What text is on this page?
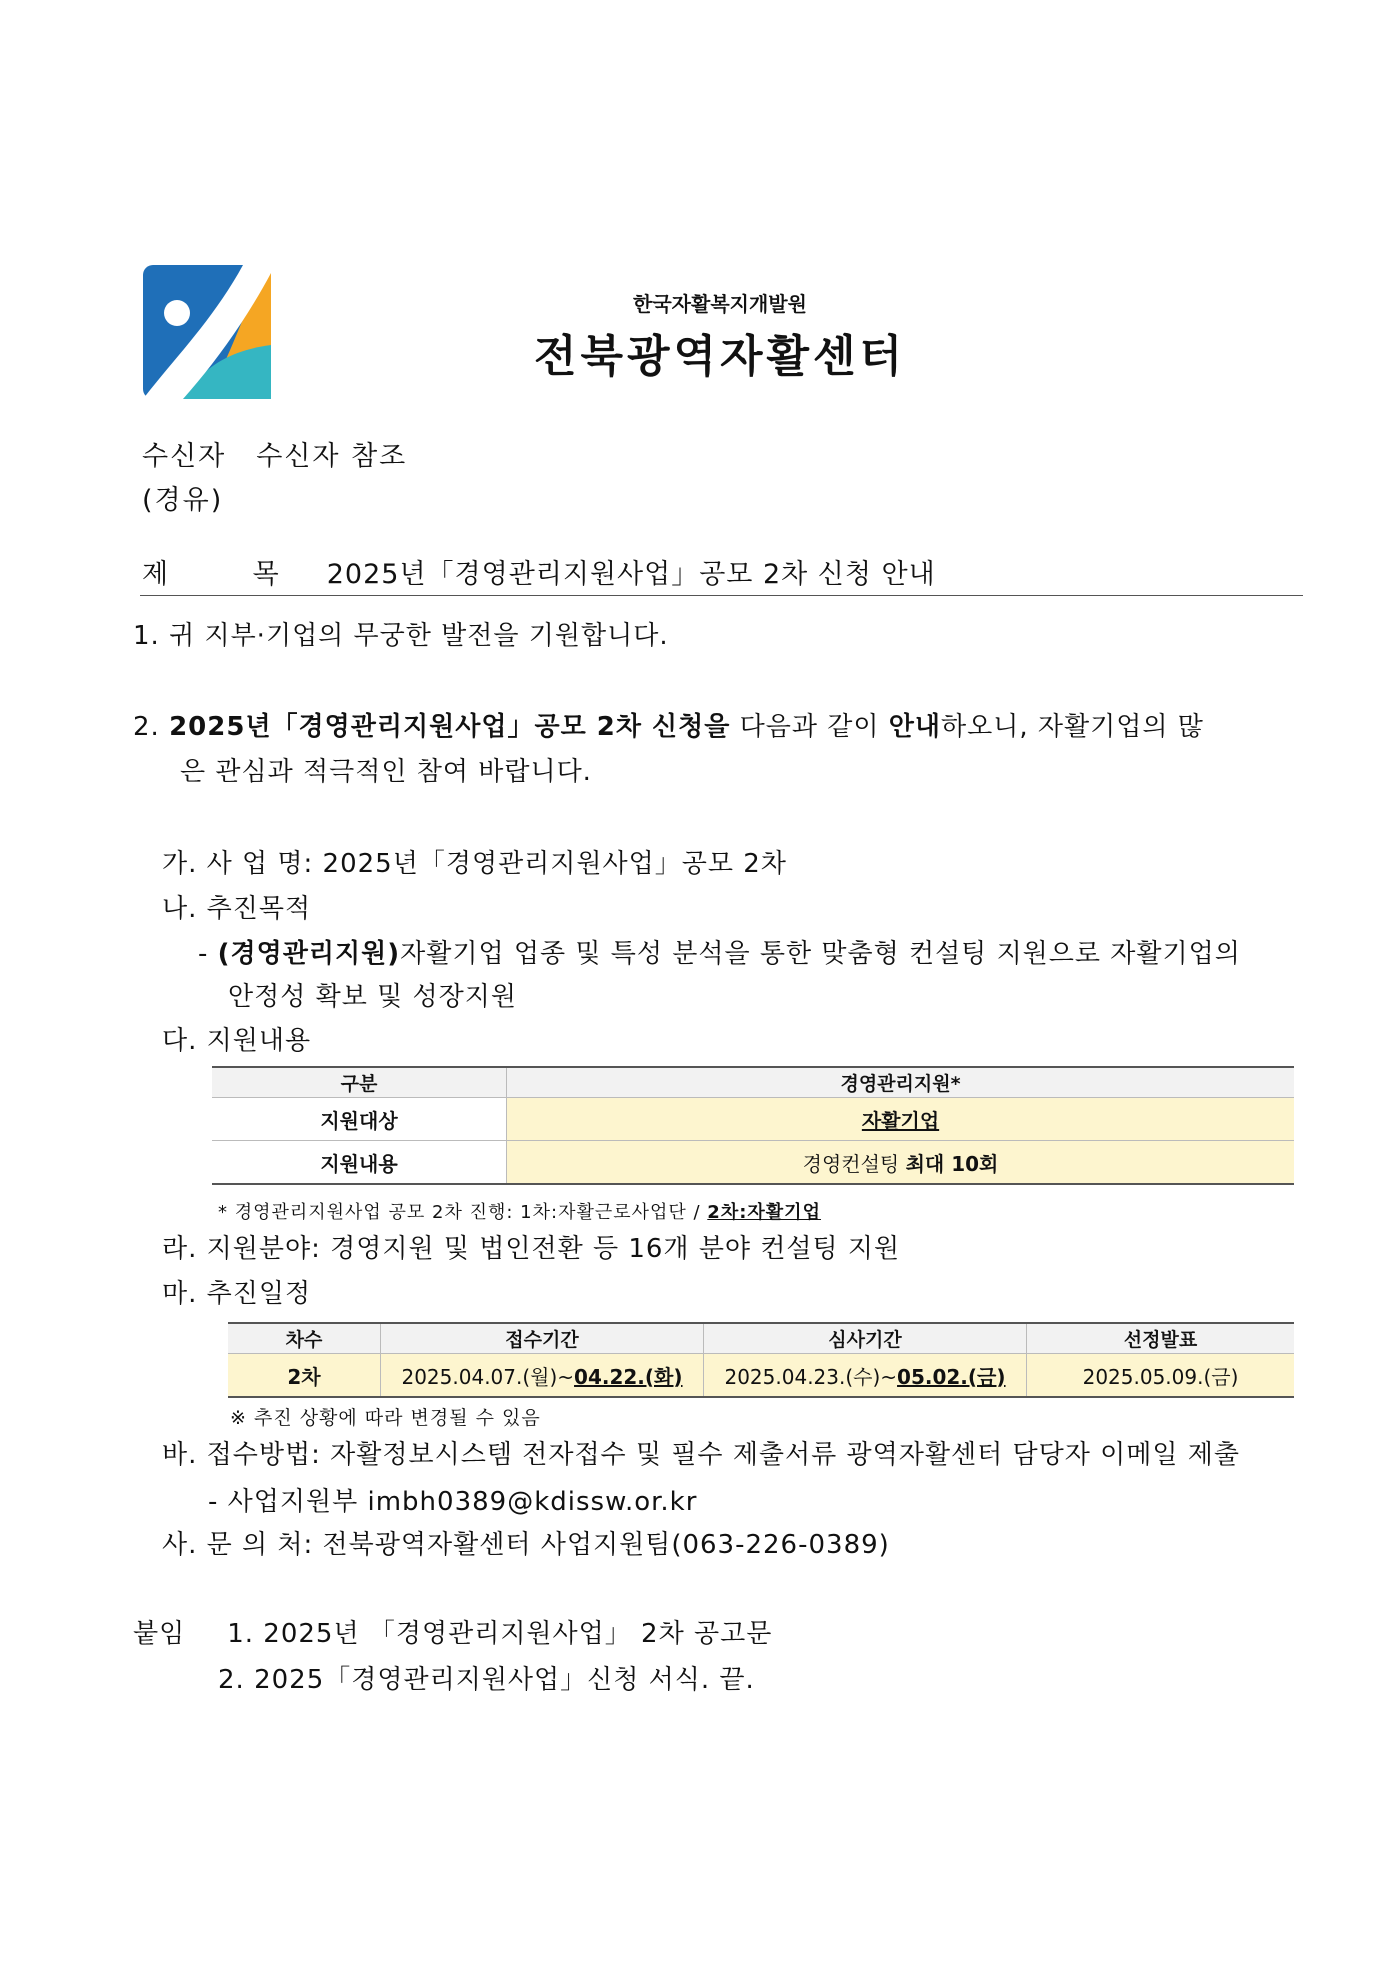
한국자활복지개발원
전북광역자활센터
수신자 수신자 참조
(경유)
제 목 2025년「경영관리지원사업」공모 2차 신청 안내
1. 귀 지부·기업의 무궁한 발전을 기원합니다.
2. 2025년「경영관리지원사업」공모 2차 신청을 다음과 같이 안내하오니, 자활기업의 많
은 관심과 적극적인 참여 바랍니다.
가. 사 업 명: 2025년「경영관리지원사업」공모 2차
나. 추진목적
- (경영관리지원)자활기업 업종 및 특성 분석을 통한 맞춤형 컨설팅 지원으로 자활기업의
안정성 확보 및 성장지원
다. 지원내용
구분	경영관리지원*
지원대상	자활기업
지원내용	경영컨설팅 최대 10회
* 경영관리지원사업 공모 2차 진행: 1차:자활근로사업단 / 2차:자활기업
라. 지원분야: 경영지원 및 법인전환 등 16개 분야 컨설팅 지원
마. 추진일정
차수	접수기간	심사기간	선정발표
2차	2025.04.07.(월)~04.22.(화)	2025.04.23.(수)~05.02.(금)	2025.05.09.(금)
※ 추진 상황에 따라 변경될 수 있음
바. 접수방법: 자활정보시스템 전자접수 및 필수 제출서류 광역자활센터 담당자 이메일 제출
- 사업지원부 imbh0389@kdissw.or.kr
사. 문 의 처: 전북광역자활센터 사업지원팀(063-226-0389)
붙임 1. 2025년 「경영관리지원사업」 2차 공고문
2. 2025「경영관리지원사업」신청 서식. 끝.
